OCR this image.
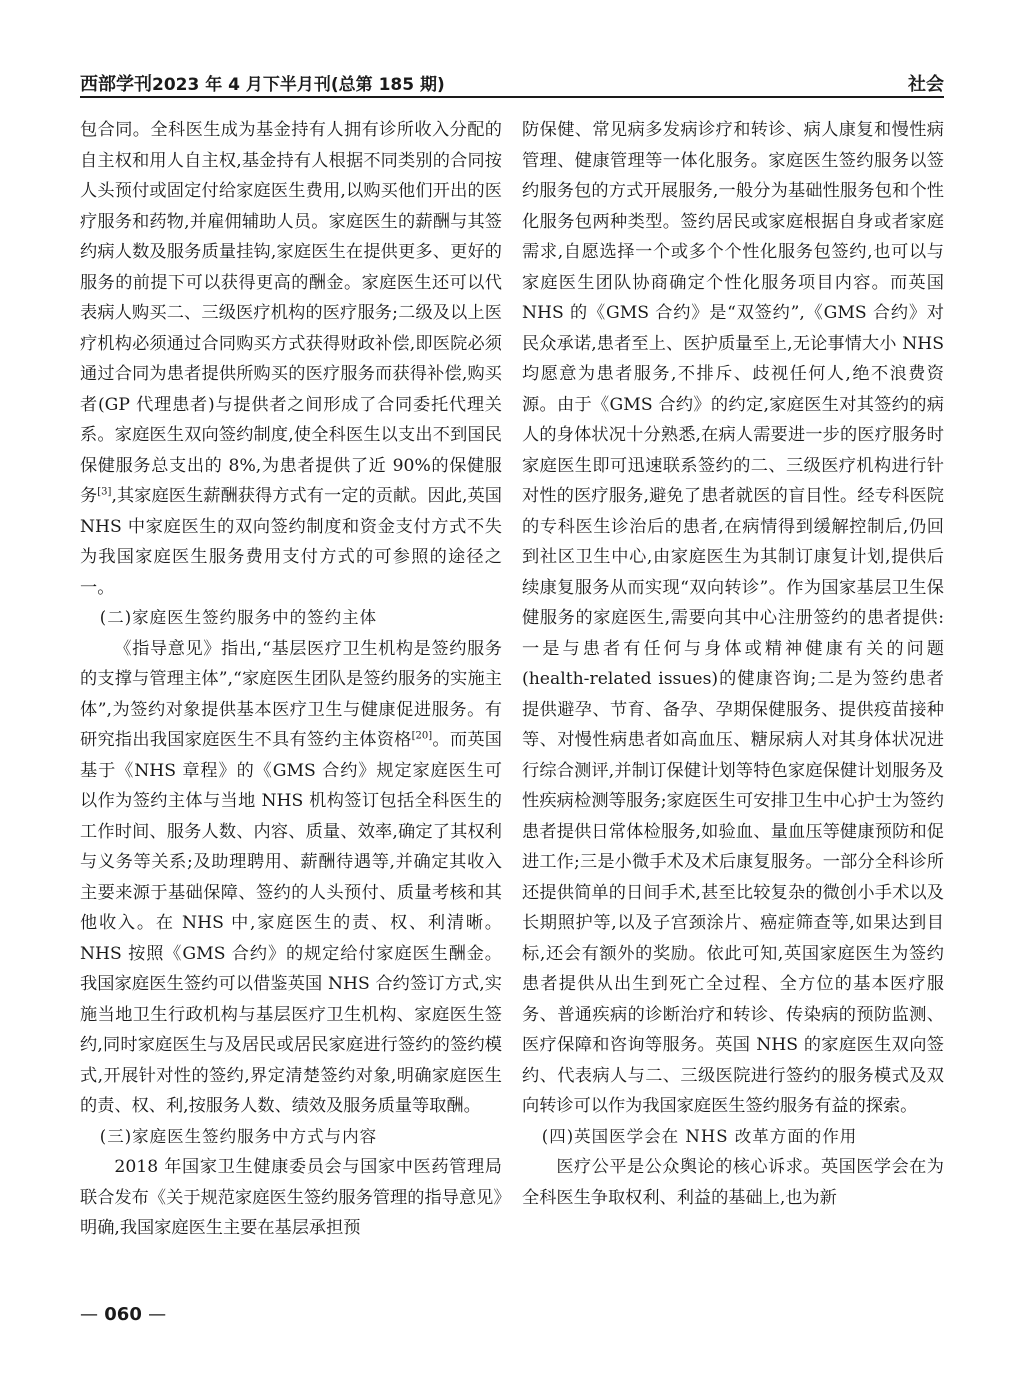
西部学刊2023 年 4 月下半月刊(总第 185 期)	社会

包合同。全科医生成为基金持有人拥有诊所收入分配的自主权和用人自主权,基金持有人根据不同类别的合同按人头预付或固定付给家庭医生费用,以购买他们开出的医疗服务和药物,并雇佣辅助人员。家庭医生的薪酬与其签约病人数及服务质量挂钩,家庭医生在提供更多、更好的服务的前提下可以获得更高的酬金。家庭医生还可以代表病人购买二、三级医疗机构的医疗服务;二级及以上医疗机构必须通过合同购买方式获得财政补偿,即医院必须通过合同为患者提供所购买的医疗服务而获得补偿,购买者(GP 代理患者)与提供者之间形成了合同委托代理关系。家庭医生双向签约制度,使全科医生以支出不到国民保健服务总支出的 8%,为患者提供了近 90%的保健服务[3],其家庭医生薪酬获得方式有一定的贡献。因此,英国 NHS 中家庭医生的双向签约制度和资金支付方式不失为我国家庭医生服务费用支付方式的可参照的途径之一。

(二)家庭医生签约服务中的签约主体

《指导意见》指出,“基层医疗卫生机构是签约服务的支撑与管理主体”,“家庭医生团队是签约服务的实施主体”,为签约对象提供基本医疗卫生与健康促进服务。有研究指出我国家庭医生不具有签约主体资格[20]。而英国基于《NHS 章程》的《GMS 合约》规定家庭医生可以作为签约主体与当地 NHS 机构签订包括全科医生的工作时间、服务人数、内容、质量、效率,确定了其权利与义务等关系;及助理聘用、薪酬待遇等,并确定其收入主要来源于基础保障、签约的人头预付、质量考核和其他收入。在 NHS 中,家庭医生的责、权、利清晰。NHS 按照《GMS 合约》的规定给付家庭医生酬金。我国家庭医生签约可以借鉴英国 NHS 合约签订方式,实施当地卫生行政机构与基层医疗卫生机构、家庭医生签约,同时家庭医生与及居民或居民家庭进行签约的签约模式,开展针对性的签约,界定清楚签约对象,明确家庭医生的责、权、利,按服务人数、绩效及服务质量等取酬。

(三)家庭医生签约服务中方式与内容

2018 年国家卫生健康委员会与国家中医药管理局联合发布《关于规范家庭医生签约服务管理的指导意见》明确,我国家庭医生主要在基层承担预

防保健、常见病多发病诊疗和转诊、病人康复和慢性病管理、健康管理等一体化服务。家庭医生签约服务以签约服务包的方式开展服务,一般分为基础性服务包和个性化服务包两种类型。签约居民或家庭根据自身或者家庭需求,自愿选择一个或多个个性化服务包签约,也可以与家庭医生团队协商确定个性化服务项目内容。而英国 NHS 的《GMS 合约》是“双签约”,《GMS 合约》对民众承诺,患者至上、医护质量至上,无论事情大小 NHS 均愿意为患者服务,不排斥、歧视任何人,绝不浪费资源。由于《GMS 合约》的约定,家庭医生对其签约的病人的身体状况十分熟悉,在病人需要进一步的医疗服务时家庭医生即可迅速联系签约的二、三级医疗机构进行针对性的医疗服务,避免了患者就医的盲目性。经专科医院的专科医生诊治后的患者,在病情得到缓解控制后,仍回到社区卫生中心,由家庭医生为其制订康复计划,提供后续康复服务从而实现“双向转诊”。作为国家基层卫生保健服务的家庭医生,需要向其中心注册签约的患者提供:一是与患者有任何与身体或精神健康有关的问题(health-related issues)的健康咨询;二是为签约患者提供避孕、节育、备孕、孕期保健服务、提供疫苗接种等、对慢性病患者如高血压、糖尿病人对其身体状况进行综合测评,并制订保健计划等特色家庭保健计划服务及性疾病检测等服务;家庭医生可安排卫生中心护士为签约患者提供日常体检服务,如验血、量血压等健康预防和促进工作;三是小微手术及术后康复服务。一部分全科诊所还提供简单的日间手术,甚至比较复杂的微创小手术以及长期照护等,以及子宫颈涂片、癌症筛查等,如果达到目标,还会有额外的奖励。依此可知,英国家庭医生为签约患者提供从出生到死亡全过程、全方位的基本医疗服务、普通疾病的诊断治疗和转诊、传染病的预防监测、医疗保障和咨询等服务。英国 NHS 的家庭医生双向签约、代表病人与二、三级医院进行签约的服务模式及双向转诊可以作为我国家庭医生签约服务有益的探索。

(四)英国医学会在 NHS 改革方面的作用

医疗公平是公众舆论的核心诉求。英国医学会在为全科医生争取权利、利益的基础上,也为新

— 060 —
